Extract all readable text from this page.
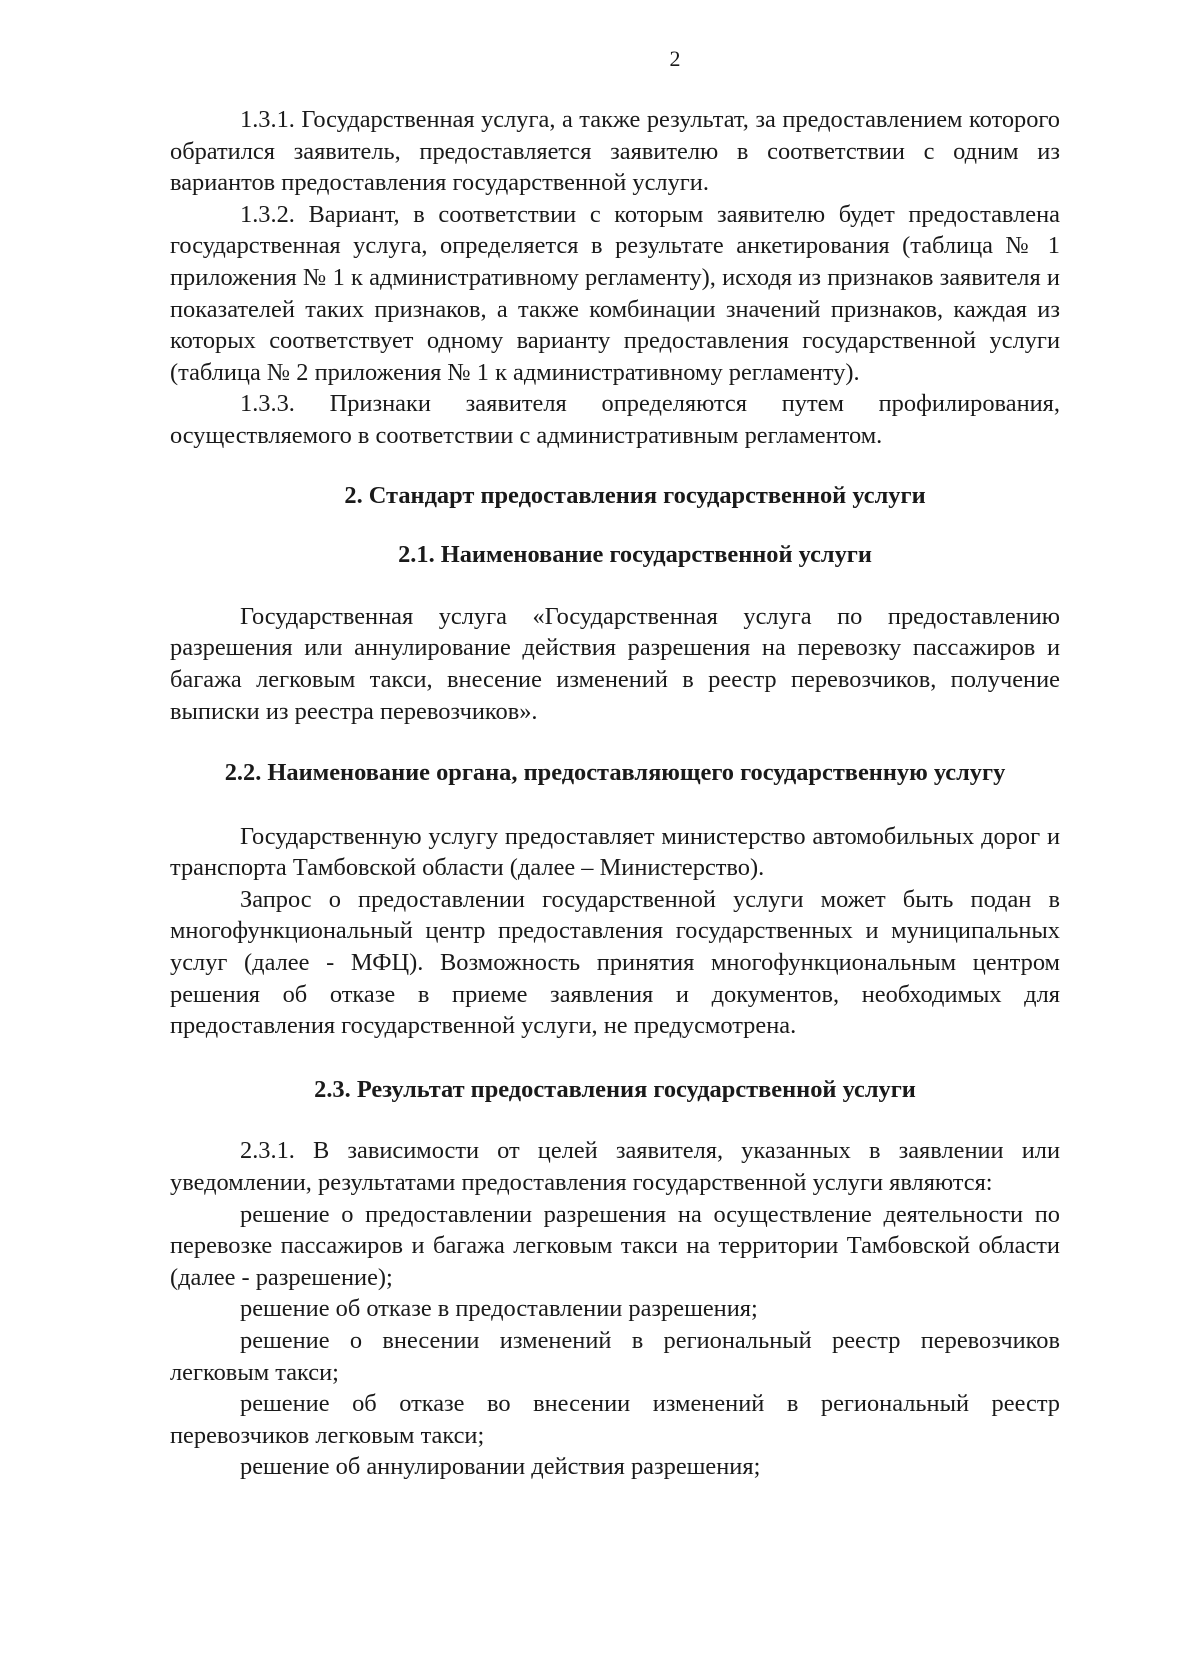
2

1.3.1. Государственная услуга, а также результат, за предоставлением которого обратился заявитель, предоставляется заявителю в соответствии с одним из вариантов предоставления государственной услуги.

1.3.2. Вариант, в соответствии с которым заявителю будет предоставлена государственная услуга, определяется в результате анкетирования (таблица № 1 приложения № 1 к административному регламенту), исходя из признаков заявителя и показателей таких признаков, а также комбинации значений признаков, каждая из которых соответствует одному варианту предоставления государственной услуги (таблица № 2 приложения № 1 к административному регламенту).

1.3.3. Признаки заявителя определяются путем профилирования, осуществляемого в соответствии с административным регламентом.

2. Стандарт предоставления государственной услуги
2.1. Наименование государственной услуги

Государственная услуга «Государственная услуга по предоставлению разрешения или аннулирование действия разрешения на перевозку пассажиров и багажа легковым такси, внесение изменений в реестр перевозчиков, получение выписки из реестра перевозчиков».

2.2. Наименование органа, предоставляющего государственную услугу

Государственную услугу предоставляет министерство автомобильных дорог и транспорта Тамбовской области (далее – Министерство).

Запрос о предоставлении государственной услуги может быть подан в многофункциональный центр предоставления государственных и муниципальных услуг (далее - МФЦ). Возможность принятия многофункциональным центром решения об отказе в приеме заявления и документов, необходимых для предоставления государственной услуги, не предусмотрена.

2.3. Результат предоставления государственной услуги

2.3.1. В зависимости от целей заявителя, указанных в заявлении или уведомлении, результатами предоставления государственной услуги являются:

решение о предоставлении разрешения на осуществление деятельности по перевозке пассажиров и багажа легковым такси на территории Тамбовской области (далее - разрешение);

решение об отказе в предоставлении разрешения;

решение о внесении изменений в региональный реестр перевозчиков легковым такси;

решение об отказе во внесении изменений в региональный реестр перевозчиков легковым такси;

решение об аннулировании действия разрешения;
